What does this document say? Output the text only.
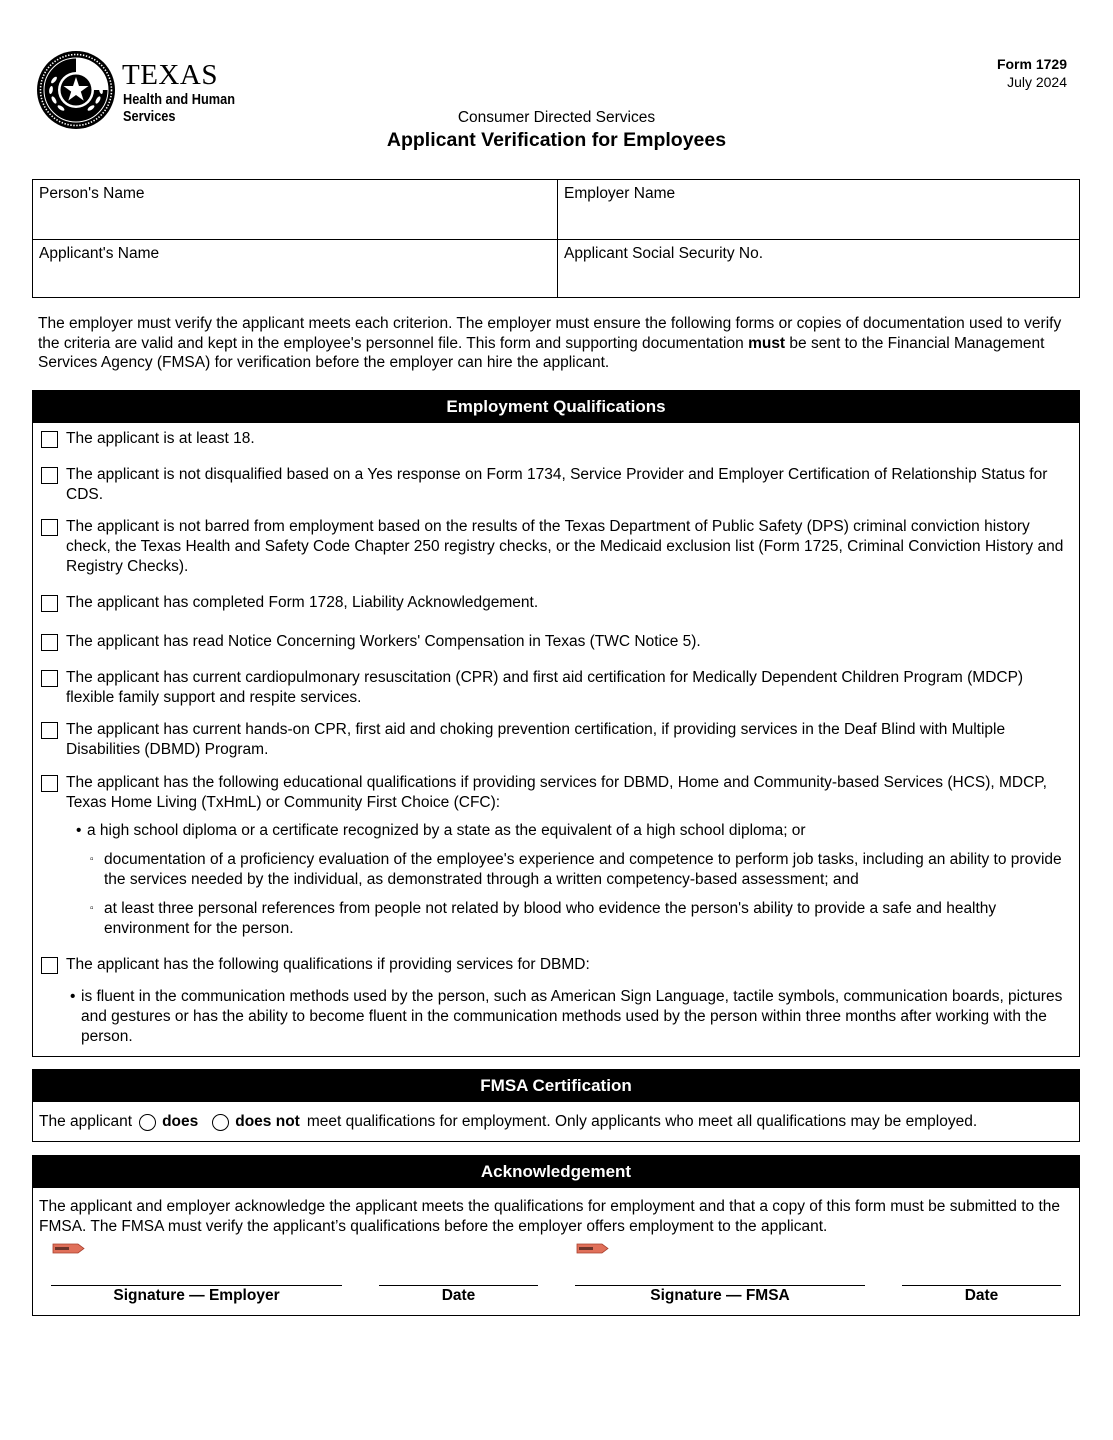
TEXAS
Health and Human
Services
Form 1729
July 2024
Consumer Directed Services
Applicant Verification for Employees
Person's Name	Employer Name
Applicant's Name	Applicant Social Security No.
The employer must verify the applicant meets each criterion. The employer must ensure the following forms or copies of documentation used to verify the criteria are valid and kept in the employee's personnel file. This form and supporting documentation must be sent to the Financial Management Services Agency (FMSA) for verification before the employer can hire the applicant.
Employment Qualifications
The applicant is at least 18.
The applicant is not disqualified based on a Yes response on Form 1734, Service Provider and Employer Certification of Relationship Status for CDS.
The applicant is not barred from employment based on the results of the Texas Department of Public Safety (DPS) criminal conviction history check, the Texas Health and Safety Code Chapter 250 registry checks, or the Medicaid exclusion list (Form 1725, Criminal Conviction History and Registry Checks).
The applicant has completed Form 1728, Liability Acknowledgement.
The applicant has read Notice Concerning Workers' Compensation in Texas (TWC Notice 5).
The applicant has current cardiopulmonary resuscitation (CPR) and first aid certification for Medically Dependent Children Program (MDCP) flexible family support and respite services.
The applicant has current hands-on CPR, first aid and choking prevention certification, if providing services in the Deaf Blind with Multiple Disabilities (DBMD) Program.
The applicant has the following educational qualifications if providing services for DBMD, Home and Community-based Services (HCS), MDCP, Texas Home Living (TxHmL) or Community First Choice (CFC):
• a high school diploma or a certificate recognized by a state as the equivalent of a high school diploma; or
▫ documentation of a proficiency evaluation of the employee's experience and competence to perform job tasks, including an ability to provide the services needed by the individual, as demonstrated through a written competency-based assessment; and
▫ at least three personal references from people not related by blood who evidence the person's ability to provide a safe and healthy environment for the person.
The applicant has the following qualifications if providing services for DBMD:
• is fluent in the communication methods used by the person, such as American Sign Language, tactile symbols, communication boards, pictures and gestures or has the ability to become fluent in the communication methods used by the person within three months after working with the person.
FMSA Certification
The applicant does does not meet qualifications for employment. Only applicants who meet all qualifications may be employed.
Acknowledgement
The applicant and employer acknowledge the applicant meets the qualifications for employment and that a copy of this form must be submitted to the FMSA. The FMSA must verify the applicant’s qualifications before the employer offers employment to the applicant.
Signature — Employer	Date	Signature — FMSA	Date
